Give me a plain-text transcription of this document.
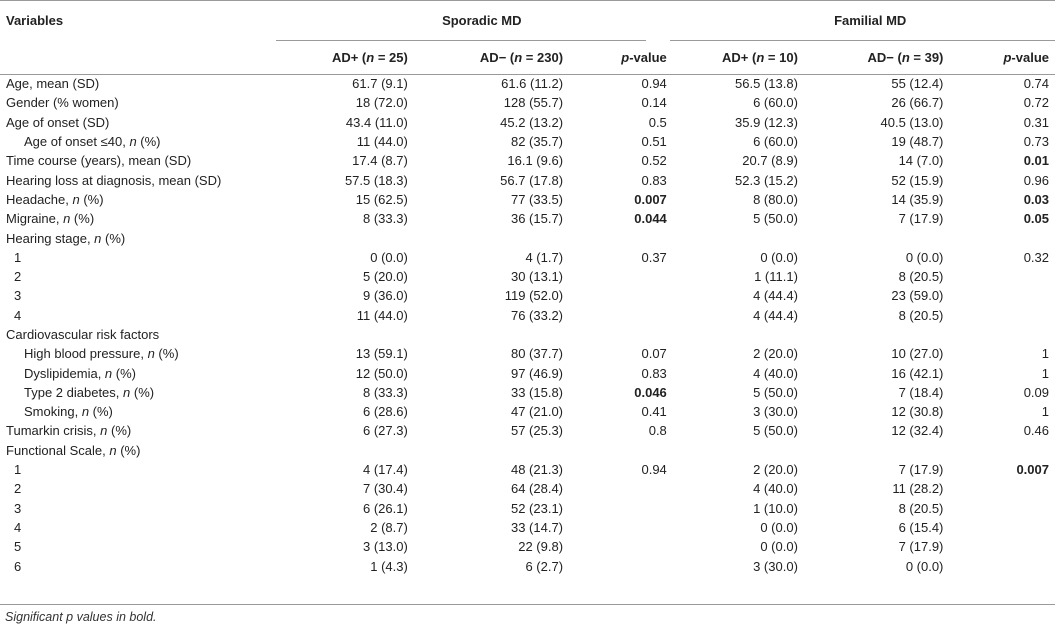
Variables	Sporadic MD				Familial MD		
	AD+ (n = 25)	AD− (n = 230)	p-value		AD+ (n = 10)	AD− (n = 39)	p-value
Age, mean (SD)	61.7 (9.1)	61.6 (11.2)	0.94		56.5 (13.8)	55 (12.4)	0.74
Gender (% women)	18 (72.0)	128 (55.7)	0.14		6 (60.0)	26 (66.7)	0.72
Age of onset (SD)	43.4 (11.0)	45.2 (13.2)	0.5		35.9 (12.3)	40.5 (13.0)	0.31
Age of onset ≤40, n (%)	11 (44.0)	82 (35.7)	0.51		6 (60.0)	19 (48.7)	0.73
Time course (years), mean (SD)	17.4 (8.7)	16.1 (9.6)	0.52		20.7 (8.9)	14 (7.0)	0.01
Hearing loss at diagnosis, mean (SD)	57.5 (18.3)	56.7 (17.8)	0.83		52.3 (15.2)	52 (15.9)	0.96
Headache, n (%)	15 (62.5)	77 (33.5)	0.007		8 (80.0)	14 (35.9)	0.03
Migraine, n (%)	8 (33.3)	36 (15.7)	0.044		5 (50.0)	7 (17.9)	0.05
Hearing stage, n (%)							
1	0 (0.0)	4 (1.7)	0.37		0 (0.0)	0 (0.0)	0.32
2	5 (20.0)	30 (13.1)			1 (11.1)	8 (20.5)	
3	9 (36.0)	119 (52.0)			4 (44.4)	23 (59.0)	
4	11 (44.0)	76 (33.2)			4 (44.4)	8 (20.5)	
Cardiovascular risk factors							
High blood pressure, n (%)	13 (59.1)	80 (37.7)	0.07		2 (20.0)	10 (27.0)	1
Dyslipidemia, n (%)	12 (50.0)	97 (46.9)	0.83		4 (40.0)	16 (42.1)	1
Type 2 diabetes, n (%)	8 (33.3)	33 (15.8)	0.046		5 (50.0)	7 (18.4)	0.09
Smoking, n (%)	6 (28.6)	47 (21.0)	0.41		3 (30.0)	12 (30.8)	1
Tumarkin crisis, n (%)	6 (27.3)	57 (25.3)	0.8		5 (50.0)	12 (32.4)	0.46
Functional Scale, n (%)							
1	4 (17.4)	48 (21.3)	0.94		2 (20.0)	7 (17.9)	0.007
2	7 (30.4)	64 (28.4)			4 (40.0)	11 (28.2)	
3	6 (26.1)	52 (23.1)			1 (10.0)	8 (20.5)	
4	2 (8.7)	33 (14.7)			0 (0.0)	6 (15.4)	
5	3 (13.0)	22 (9.8)			0 (0.0)	7 (17.9)	
6	1 (4.3)	6 (2.7)			3 (30.0)	0 (0.0)	
Significant p values in bold.
